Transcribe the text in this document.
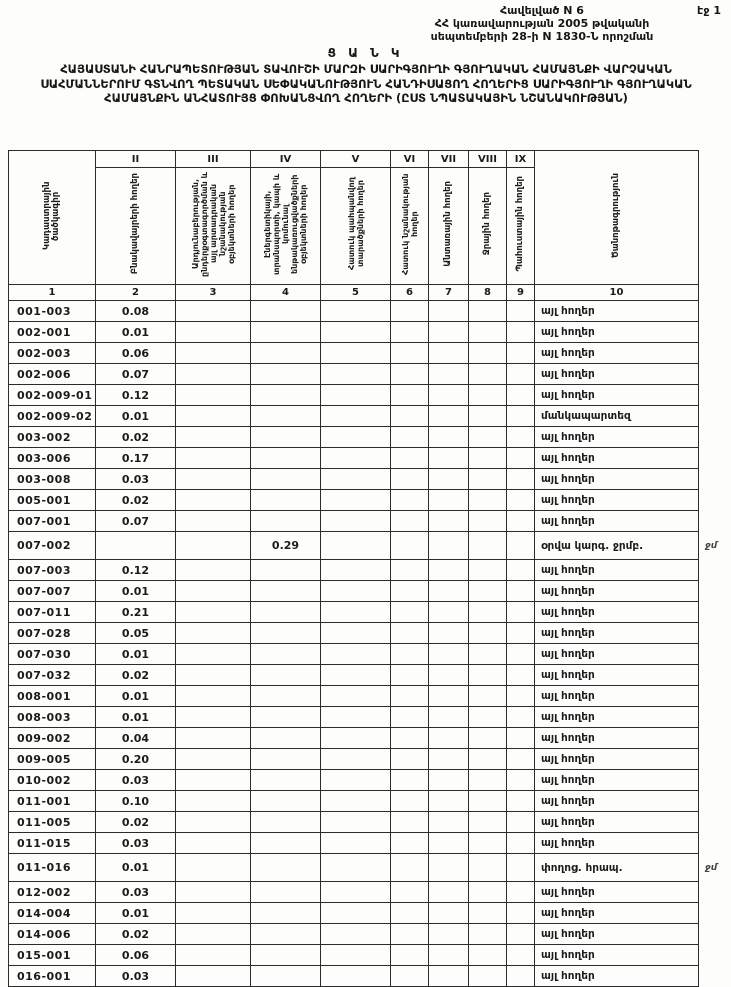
էջ 1
Հավելված N 6
ՀՀ կառավարության 2005 թվականի
սեպտեմբերի 28-ի N 1830-Ն որոշման
Ց Ա Ն Կ
ՀԱՅԱՍՏԱՆԻ ՀԱՆՐԱՊԵՏՈՒԹՅԱՆ ՏԱՎՈՒՇԻ ՄԱՐԶԻ ՍԱՐԻԳՅՈՒՂԻ ԳՅՈՒՂԱԿԱՆ ՀԱՄԱՅՆՔԻ ՎԱՐՉԱԿԱՆ ՍԱՀՄԱՆՆԵՐՈՒՄ ԳՏՆՎՈՂ ՊԵՏԱԿԱՆ ՍԵՓԱԿԱՆՈՒԹՅՈՒՆ ՀԱՆԴԻՍԱՑՈՂ ՀՈՂԵՐԻՑ ՍԱՐԻԳՅՈՒՂԻ ԳՅՈՒՂԱԿԱՆ ՀԱՄԱՅՆՔԻՆ ԱՆՀԱՏՈՒՅՑ ՓՈԽԱՆՑՎՈՂ ՀՈՂԵՐԻ (ԸՍՏ ՆՊԱՏԱԿԱՅԻՆ ՆՇԱՆԱԿՈՒԹՅԱՆ)
Կադաստրային ծածկագիր	II	III	IV	V	VI	VII	VIII	IX	Ծանոթագրություն	
	Բնակավայրերի հողեր	Արդյունաբերության, ընդերքօգտագործման և այլ արտադրական նշանակության օբյեկտների հողեր	Էներգետիկայի, տրանսպորտի, կապի և կոմունալ ենթակառուցվածքների օբյեկտների հողեր	Հատուկ պահպանվող տարածքների հողեր	Հատուկ նշանակության հողեր	Անտառային հողեր	Ջրային հողեր	Պահուստային հողեր		
1	2	3	4	5	6	7	8	9	10	
001-003	0.08								այլ հողեր	
002-001	0.01								այլ հողեր	
002-003	0.06								այլ հողեր	
002-006	0.07								այլ հողեր	
002-009-01	0.12								այլ հողեր	
002-009-02	0.01								մանկապարտեզ	
003-002	0.02								այլ հողեր	
003-006	0.17								այլ հողեր	
003-008	0.03								այլ հողեր	
005-001	0.02								այլ հողեր	
007-001	0.07								այլ հողեր	
007-002			0.29						օրվա կարգ. ջրմբ.	ջմ
007-003	0.12								այլ հողեր	
007-007	0.01								այլ հողեր	
007-011	0.21								այլ հողեր	
007-028	0.05								այլ հողեր	
007-030	0.01								այլ հողեր	
007-032	0.02								այլ հողեր	
008-001	0.01								այլ հողեր	
008-003	0.01								այլ հողեր	
009-002	0.04								այլ հողեր	
009-005	0.20								այլ հողեր	
010-002	0.03								այլ հողեր	
011-001	0.10								այլ հողեր	
011-005	0.02								այլ հողեր	
011-015	0.03								այլ հողեր	
011-016	0.01								փողոց. հրապ.	ջմ
012-002	0.03								այլ հողեր	
014-004	0.01								այլ հողեր	
014-006	0.02								այլ հողեր	
015-001	0.06								այլ հողեր	
016-001	0.03								այլ հողեր	
